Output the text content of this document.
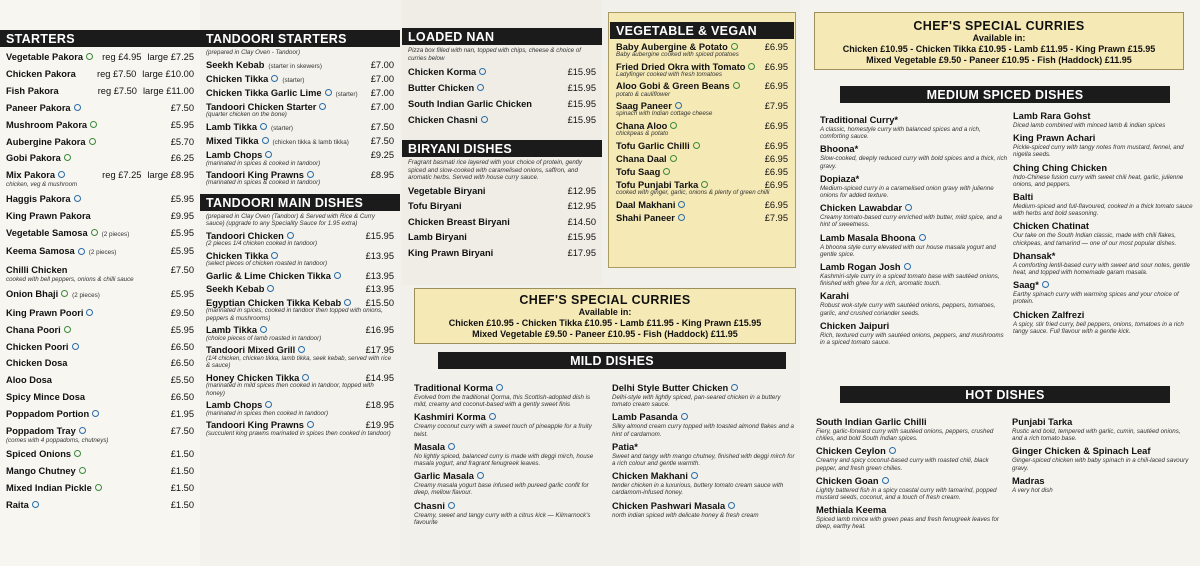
STARTERS
Vegetable Pakora	reg £4.95 large £7.25
Chicken Pakora	reg £7.50 large £10.00
Fish Pakora	reg £7.50 large £11.00
Paneer Pakora	£7.50
Mushroom Pakora	£5.95
Aubergine Pakora	£5.70
Gobi Pakora	£6.25
Mix Pakora	reg £7.25 large £8.95
chicken, veg & mushroom
Haggis Pakora	£5.95
King Prawn Pakora	£9.95
Vegetable Samosa (2 pieces)	£5.95
Keema Samosa (2 pieces)	£5.95
Chilli Chicken	£7.50
cooked with bell peppers, onions & chilli sauce
Onion Bhaji (2 pieces)	£5.95
King Prawn Poori	£9.50
Chana Poori	£5.95
Chicken Poori	£6.50
Chicken Dosa	£6.50
Aloo Dosa	£5.50
Spicy Mince Dosa	£6.50
Poppadom Portion	£1.95
Poppadom Tray	£7.50
(comes with 4 poppadoms, chutneys)
Spiced Onions	£1.50
Mango Chutney	£1.50
Mixed Indian Pickle	£1.50
Raita	£1.50
TANDOORI STARTERS
(prepared in Clay Oven - Tandoor)
Seekh Kebab (starter in skewers)	£7.00
Chicken Tikka (starter)	£7.00
Chicken Tikka Garlic Lime (starter)	£7.00
Tandoori Chicken Starter	£7.00
(quarter chicken on the bone)
Lamb Tikka (starter)	£7.50
Mixed Tikka (chicken tikka & lamb tikka)	£7.50
Lamb Chops	£9.25
(marinated in spices & cooked in tandoor)
Tandoori King Prawns	£8.95
(marinated in spices & cooked in tandoor)
TANDOORI MAIN DISHES
(prepared in Clay Oven (Tandoor) & Served with Rice & Curry sauce) (upgrade to any Speciality Sauce for 1.95 extra)
Tandoori Chicken	£15.95
(2 pieces 1/4 chicken cooked in tandoor)
Chicken Tikka	£13.95
(select pieces of chicken roasted in tandoor)
Garlic & Lime Chicken Tikka	£13.95
Seekh Kebab	£13.95
Egyptian Chicken Tikka Kebab	£15.50
(marinated in spices, cooked in tandoor then topped with onions, peppers & mushrooms)
Lamb Tikka	£16.95
(choice pieces of lamb roasted in tandoor)
Tandoori Mixed Grill	£17.95
(1/4 chicken, chicken tikka, lamb tikka, seek kebab, served with rice & sauce)
Honey Chicken Tikka	£14.95
(marinated in mild spices then cooked in tandoor, topped with honey)
Lamb Chops	£18.95
(marinated in spices then cooked in tandoor)
Tandoori King Prawns	£19.95
(succulent king prawns marinated in spices then cooked in tandoor)
LOADED NAN
Pizza box filled with nan, topped with chips, cheese & choice of curries below
Chicken Korma	£15.95
Butter Chicken	£15.95
South Indian Garlic Chicken	£15.95
Chicken Chasni	£15.95
BIRYANI DISHES
Fragrant basmati rice layered with your choice of protein, gently spiced and slow-cooked with caramelised onions, saffron, and aromatic herbs. Served with house curry sauce.
Vegetable Biryani	£12.95
Tofu Biryani	£12.95
Chicken Breast Biryani	£14.50
Lamb Biryani	£15.95
King Prawn Biryani	£17.95
VEGETABLE & VEGAN
Baby Aubergine & Potato	£6.95
Baby aubergine cooked with spiced potatoes
Fried Dried Okra with Tomato	£6.95
Ladyfinger cooked with fresh tomatoes
Aloo Gobi & Green Beans	£6.95
potato & cauliflower
Saag Paneer	£7.95
spinach with Indian cottage cheese
Chana Aloo	£6.95
chickpeas & potato
Tofu Garlic Chilli	£6.95
Chana Daal	£6.95
Tofu Saag	£6.95
Tofu Punjabi Tarka	£6.95
cooked with ginger, garlic, onions & plenty of green chilli
Daal Makhani	£6.95
Shahi Paneer	£7.95
CHEF'S SPECIAL CURRIES
Available in:
Chicken £10.95 - Chicken Tikka £10.95 - Lamb £11.95 - King Prawn £15.95
Mixed Vegetable £9.50 - Paneer £10.95 - Fish (Haddock) £11.95
MILD DISHES
Traditional Korma
Evolved from the traditional Qorma, this Scottish-adopted dish is mild, creamy and coconut-based with a gently sweet finis
Kashmiri Korma
Creamy coconut curry with a sweet touch of pineapple for a fruity twist.
Masala
No lightly spiced, balanced curry is made with deggi mirch, house masala yogurt, and fragrant fenugreek leaves.
Garlic Masala
Creamy masala yogurt base infused with pureed garlic confit for deep, mellow flavour.
Chasni
Creamy, sweet and tangy curry with a citrus kick — Kilmarnock's favourite
Delhi Style Butter Chicken
Delhi-style with lightly spiced, pan-seared chicken in a buttery tomato cream sauce.
Lamb Pasanda
Silky almond cream curry topped with toasted almond flakes and a hint of cardamom.
Patia*
Sweet and tangy with mango chutney, finished with deggi mirch for a rich colour and gentle warmth.
Chicken Makhani
tender chicken in a luxurious, buttery tomato cream sauce with cardamom-infused honey.
Chicken Pashwari Masala
north indian spiced with delicate honey & fresh cream
CHEF'S SPECIAL CURRIES
Available in:
Chicken £10.95 - Chicken Tikka £10.95 - Lamb £11.95 - King Prawn £15.95
Mixed Vegetable £9.50 - Paneer £10.95 - Fish (Haddock) £11.95
MEDIUM SPICED DISHES
Traditional Curry*
A classic, homestyle curry with balanced spices and a rich, comforting sauce.
Bhoona*
Slow-cooked, deeply reduced curry with bold spices and a thick, rich gravy.
Dopiaza*
Medium-spiced curry in a caramelised onion gravy with julienne onions for added texture.
Chicken Lawabdar
Creamy tomato-based curry enriched with butter, mild spice, and a hint of sweetness.
Lamb Masala Bhoona
A bhoona style curry elevated with our house masala yogurt and gentle spice.
Lamb Rogan Josh
Kashmiri-style curry in a spiced tomato base with sautéed onions, finished with ghee for a rich, aromatic touch.
Karahi
Robust wok-style curry with sautéed onions, peppers, tomatoes, garlic, and crushed coriander seeds.
Chicken Jaipuri
Rich, textured curry with sautéed onions, peppers, and mushrooms in a spiced tomato sauce.
Lamb Rara Gohst
Diced lamb combined with minced lamb & indian spices
King Prawn Achari
Pickle-spiced curry with tangy notes from mustard, fennel, and nigella seeds.
Ching Ching Chicken
Indo-Chinese fusion curry with sweet chili heat, garlic, julienne onions, and peppers.
Balti
Medium-spiced and full-flavoured, cooked in a thick tomato sauce with herbs and bold seasoning.
Chicken Chatinat
Our take on the South Indian classic, made with chili flakes, chickpeas, and tamarind — one of our most popular dishes.
Dhansak*
A comforting lentil-based curry with sweet and sour notes, gentle heat, and topped with homemade garam masala.
Saag*
Earthy spinach curry with warming spices and your choice of protein.
Chicken Zalfrezi
A spicy, stir fried curry, bell peppers, onions, tomatoes in a rich tangy sauce. Full flavour with a gentle kick.
HOT DISHES
South Indian Garlic Chilli
Fiery, garlic-forward curry with sautéed onions, peppers, crushed chilies, and bold South Indian spices.
Chicken Ceylon
Creamy and spicy coconut-based curry with roasted chili, black pepper, and fresh green chilies.
Chicken Goan
Lightly battered fish in a spicy coastal curry with tamarind, popped mustard seeds, coconut, and a touch of fresh cream.
Methiala Keema
Spiced lamb mince with green peas and fresh fenugreek leaves for deep, earthy heat.
Punjabi Tarka
Rustic and bold, tempered with garlic, cumin, sautéed onions, and a rich tomato base.
Ginger Chicken & Spinach Leaf
Ginger-spiced chicken with baby spinach in a chili-laced savoury gravy.
Madras
A very hot dish
